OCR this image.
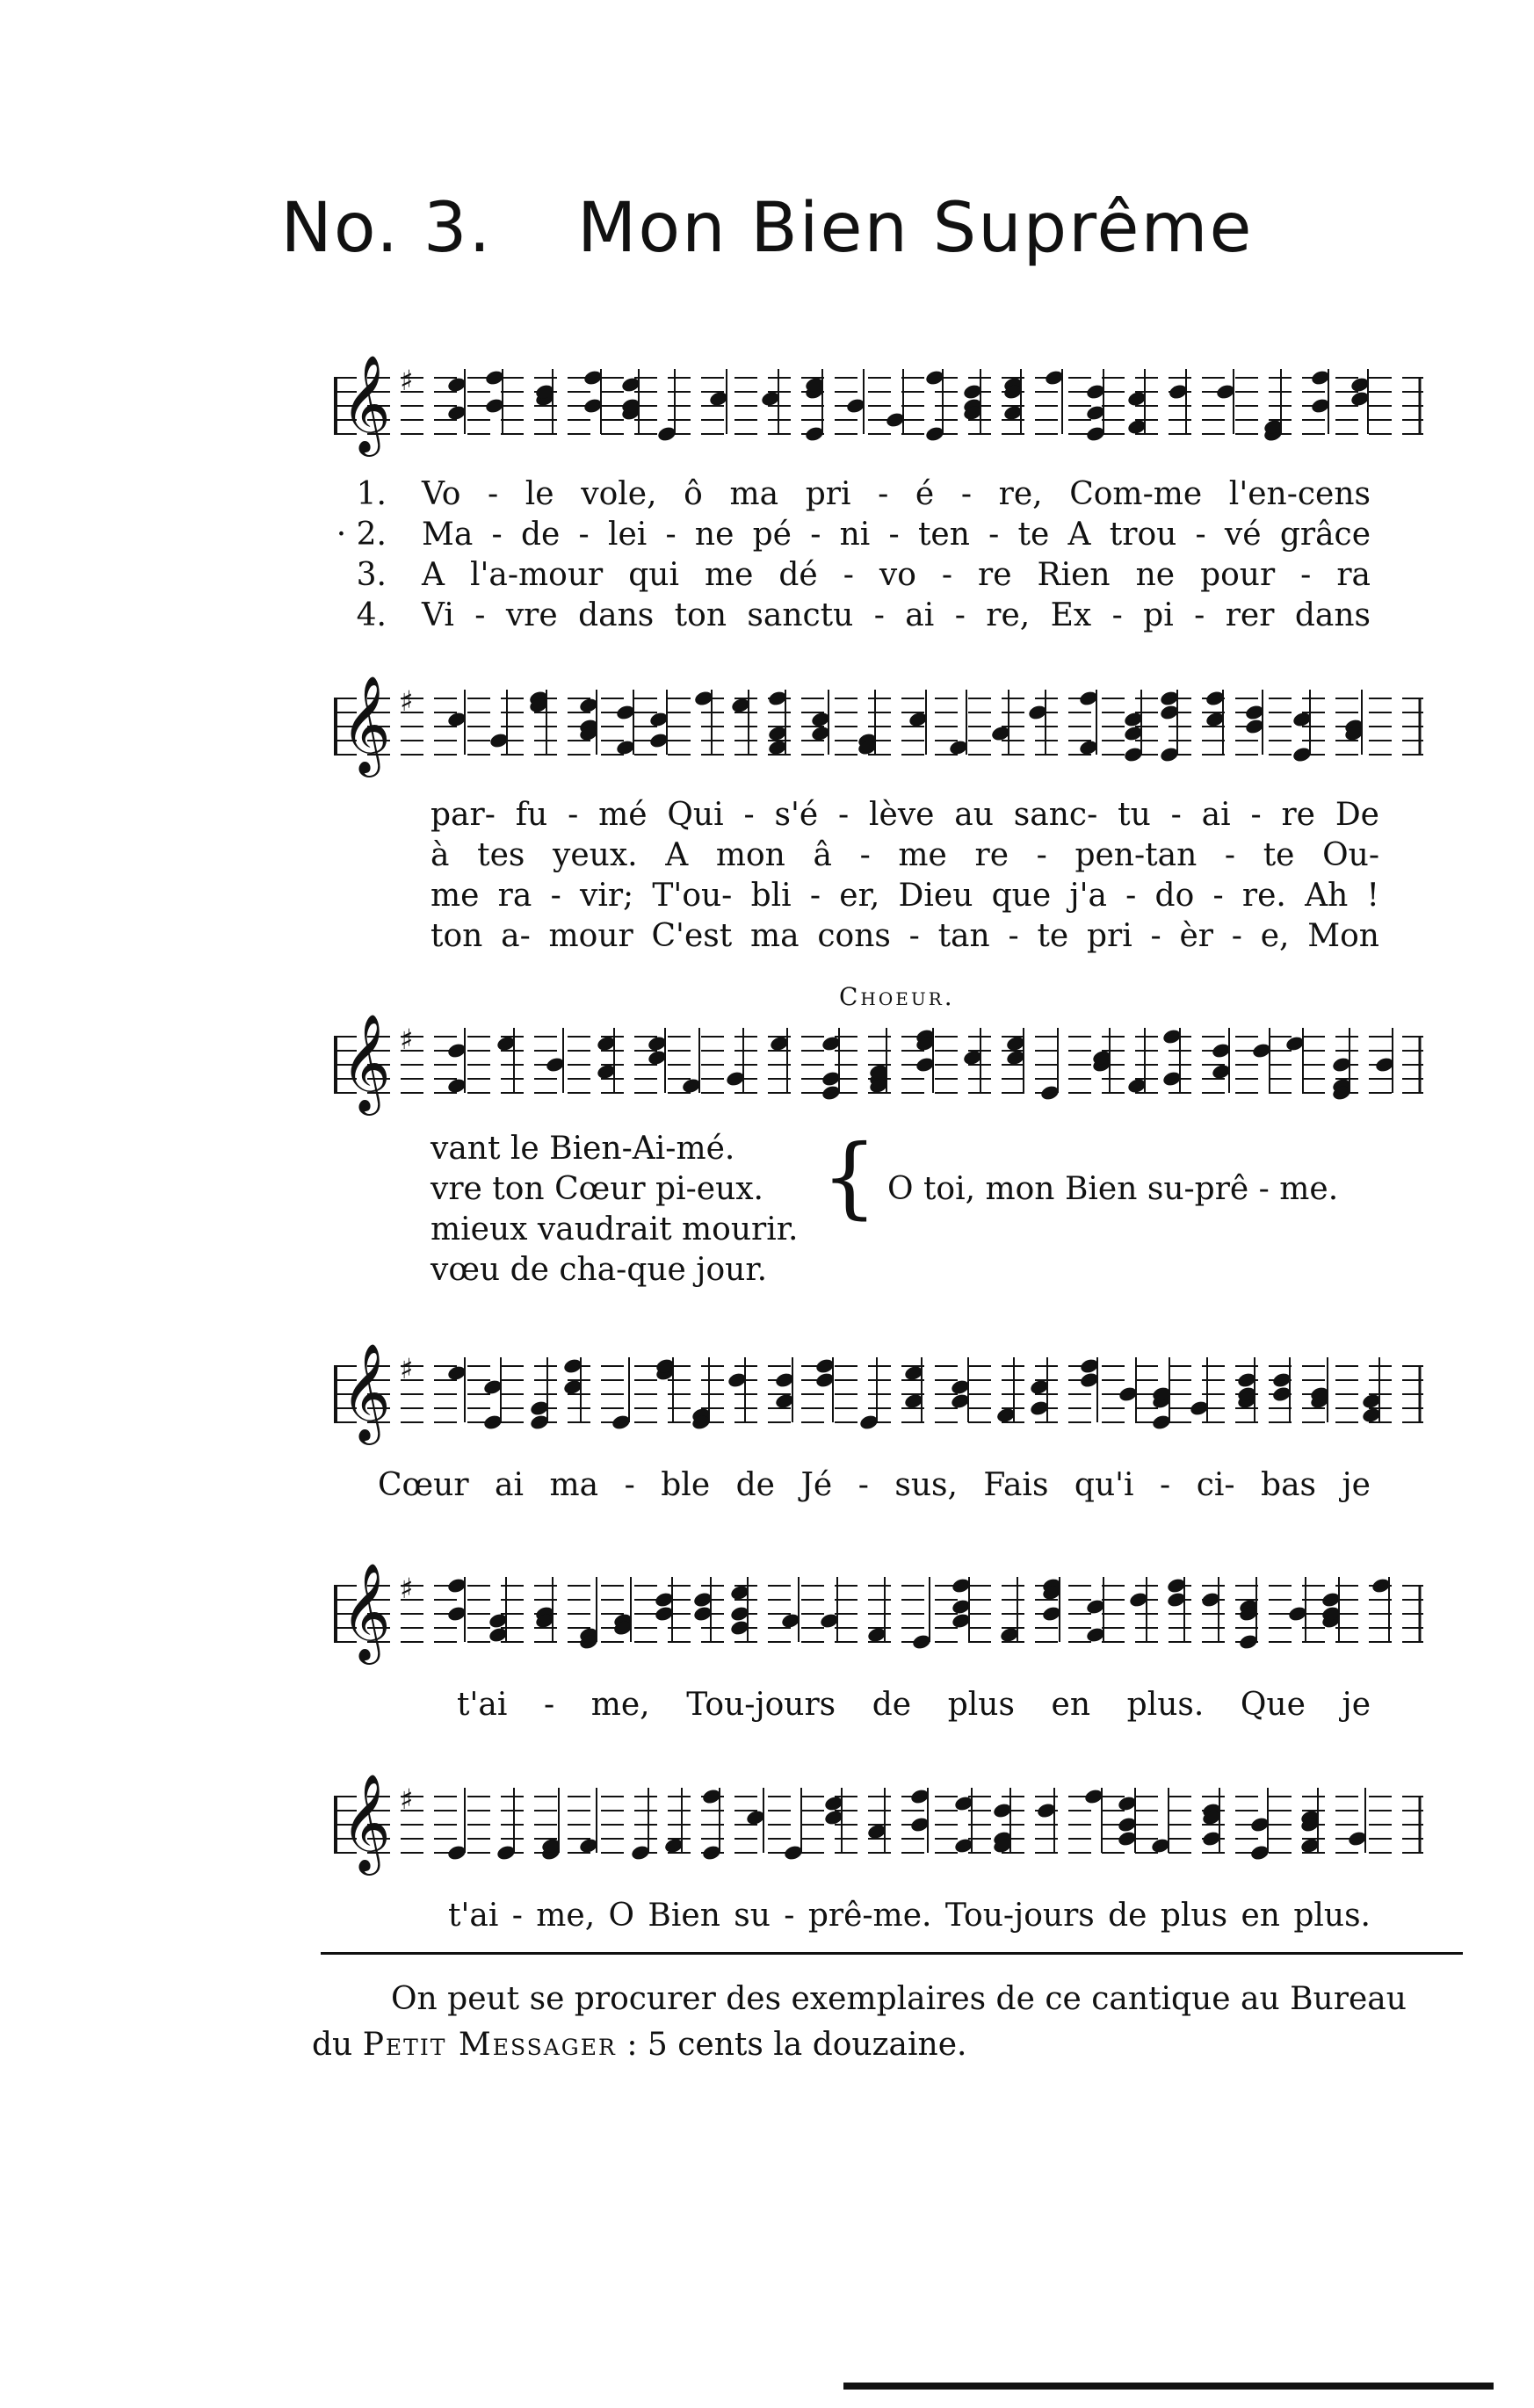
No. 3. Mon Bien Suprême
𝄞 ♯
𝄞 ♯
𝄞 ♯
𝄞 ♯
𝄞 ♯
𝄞 ♯
1. Vo - le vole, ô ma pri - é - re, Com-me l'en-cens
· 2. Ma - de - lei - ne pé - ni - ten - te A trou - vé grâce
3. A l'a-mour qui me dé - vo - re Rien ne pour - ra
4. Vi - vre dans ton sanctu - ai - re, Ex - pi - rer dans
par- fu - mé Qui - s'é - lève au sanc- tu - ai - re De
à tes yeux. A mon â - me re - pen-tan - te Ou-
me ra - vir; T'ou- bli - er, Dieu que j'a - do - re. Ah !
ton a- mour C'est ma cons - tan - te pri - èr - e, Mon
Choeur.
vant le Bien-Ai-mé.
vre ton Cœur pi-eux.
mieux vaudrait mourir.
vœu de cha-que jour.
{ O toi, mon Bien su-prê - me.
Cœur ai ma - ble de Jé - sus, Fais qu'i - ci- bas je
t'ai - me, Tou-jours de plus en plus. Que je
t'ai - me, O Bien su - prê-me. Tou-jours de plus en plus.
On peut se procurer des exemplaires de ce cantique au Bureau
du Petit Messager : 5 cents la douzaine.
